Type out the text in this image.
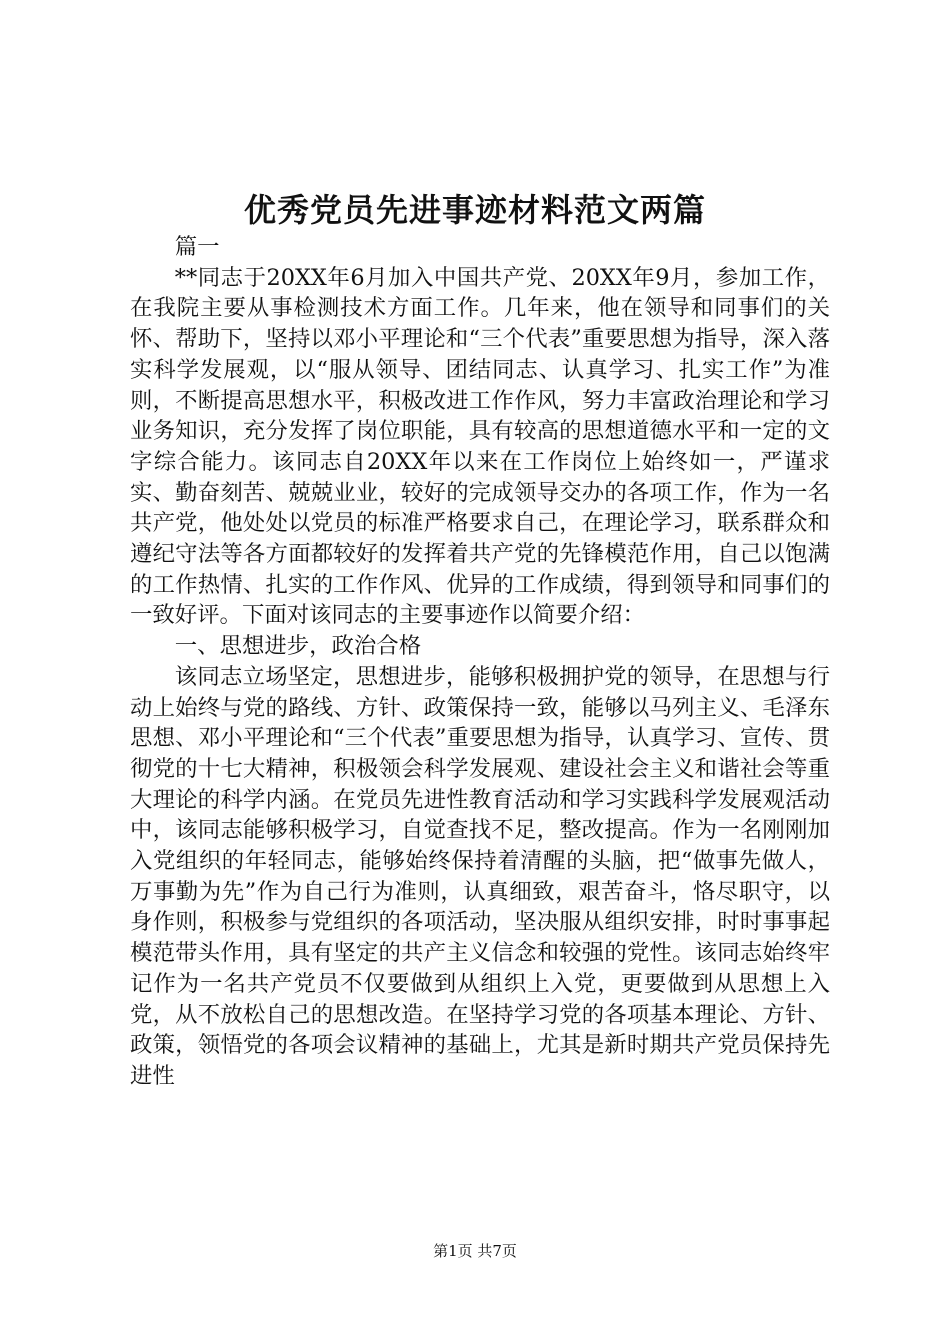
优秀党员先进事迹材料范文两篇

篇一

**同志于20XX年6月加入中国共产党、20XX年9月，参加工作，在我院主要从事检测技术方面工作。几年来，他在领导和同事们的关怀、帮助下，坚持以邓小平理论和“三个代表”重要思想为指导，深入落实科学发展观，以“服从领导、团结同志、认真学习、扎实工作”为准则，不断提高思想水平，积极改进工作作风，努力丰富政治理论和学习业务知识，充分发挥了岗位职能，具有较高的思想道德水平和一定的文字综合能力。该同志自20XX年以来在工作岗位上始终如一，严谨求实、勤奋刻苦、兢兢业业，较好的完成领导交办的各项工作，作为一名共产党，他处处以党员的标准严格要求自己，在理论学习，联系群众和遵纪守法等各方面都较好的发挥着共产党的先锋模范作用，自己以饱满的工作热情、扎实的工作作风、优异的工作成绩，得到领导和同事们的一致好评。下面对该同志的主要事迹作以简要介绍：

一、思想进步，政治合格

该同志立场坚定，思想进步，能够积极拥护党的领导，在思想与行动上始终与党的路线、方针、政策保持一致，能够以马列主义、毛泽东思想、邓小平理论和“三个代表”重要思想为指导，认真学习、宣传、贯彻党的十七大精神，积极领会科学发展观、建设社会主义和谐社会等重大理论的科学内涵。在党员先进性教育活动和学习实践科学发展观活动中，该同志能够积极学习，自觉查找不足，整改提高。作为一名刚刚加入党组织的年轻同志，能够始终保持着清醒的头脑，把“做事先做人，万事勤为先”作为自己行为准则，认真细致，艰苦奋斗，恪尽职守，以身作则，积极参与党组织的各项活动，坚决服从组织安排，时时事事起模范带头作用，具有坚定的共产主义信念和较强的党性。该同志始终牢记作为一名共产党员不仅要做到从组织上入党，更要做到从思想上入党，从不放松自己的思想改造。在坚持学习党的各项基本理论、方针、政策，领悟党的各项会议精神的基础上，尤其是新时期共产党员保持先进性

第1页 共7页
